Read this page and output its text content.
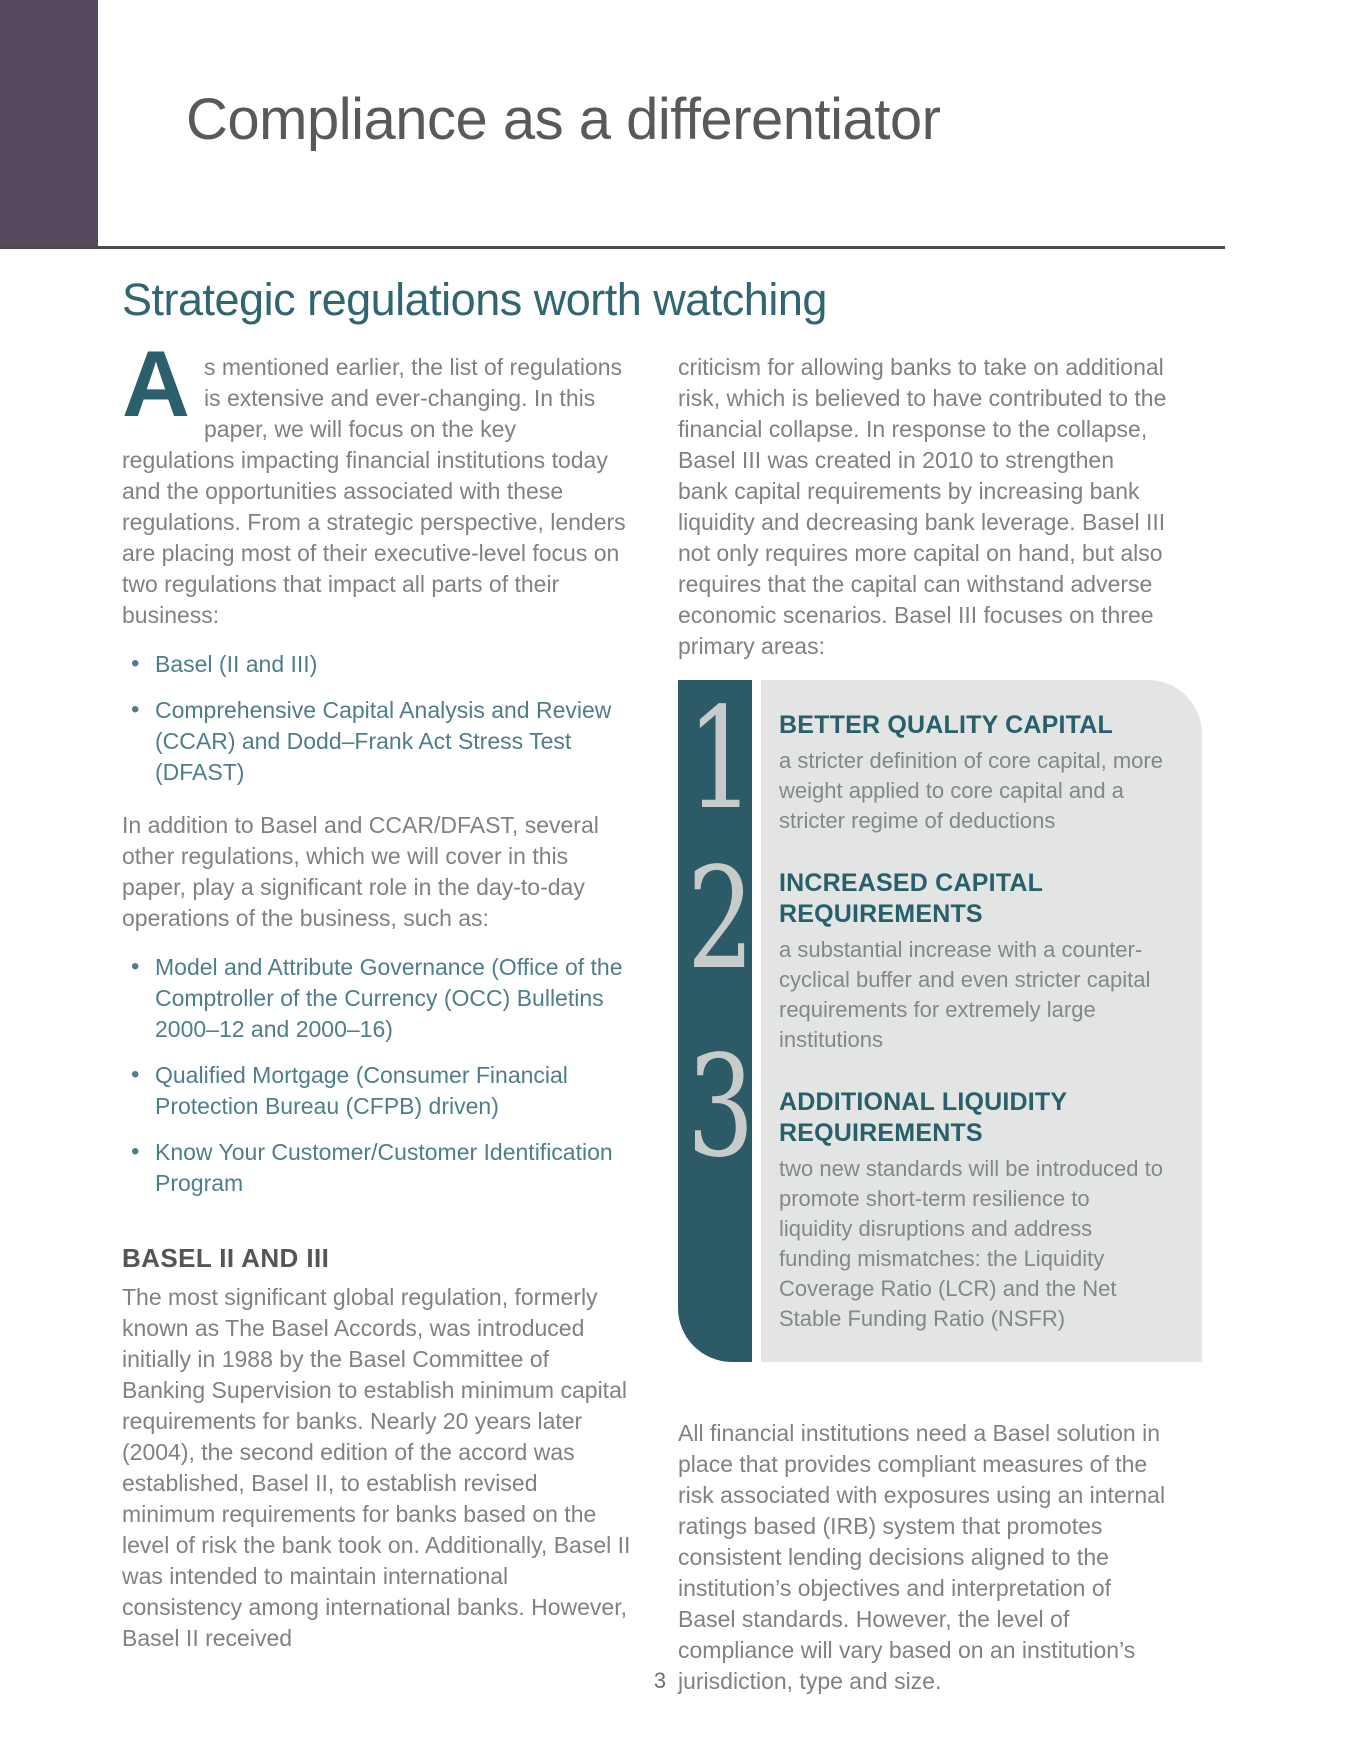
Compliance as a differentiator
Strategic regulations worth watching

A s mentioned earlier, the list of regulations is extensive and ever-changing. In this paper, we will focus on the key regulations impacting financial institutions today and the opportunities associated with these regulations. From a strategic perspective, lenders are placing most of their executive-level focus on two regulations that impact all parts of their business:

• Basel (II and III)
• Comprehensive Capital Analysis and Review (CCAR) and Dodd–Frank Act Stress Test (DFAST)

In addition to Basel and CCAR/DFAST, several other regulations, which we will cover in this paper, play a significant role in the day-to-day operations of the business, such as:

• Model and Attribute Governance (Office of the Comptroller of the Currency (OCC) Bulletins 2000–12 and 2000–16)
• Qualified Mortgage (Consumer Financial Protection Bureau (CFPB) driven)
• Know Your Customer/Customer Identification Program
BASEL II AND III

The most significant global regulation, formerly known as The Basel Accords, was introduced initially in 1988 by the Basel Committee of Banking Supervision to establish minimum capital requirements for banks. Nearly 20 years later (2004), the second edition of the accord was established, Basel II, to establish revised minimum requirements for banks based on the level of risk the bank took on. Additionally, Basel II was intended to maintain international consistency among international banks. However, Basel II received

criticism for allowing banks to take on additional risk, which is believed to have contributed to the financial collapse. In response to the collapse, Basel III was created in 2010 to strengthen bank capital requirements by increasing bank liquidity and decreasing bank leverage. Basel III not only requires more capital on hand, but also requires that the capital can withstand adverse economic scenarios. Basel III focuses on three primary areas:

1
2
3
BETTER QUALITY CAPITAL

a stricter definition of core capital, more weight applied to core capital and a stricter regime of deductions

INCREASED CAPITAL REQUIREMENTS

a substantial increase with a counter-cyclical buffer and even stricter capital requirements for extremely large institutions

ADDITIONAL LIQUIDITY REQUIREMENTS

two new standards will be introduced to promote short-term resilience to liquidity disruptions and address funding mismatches: the Liquidity Coverage Ratio (LCR) and the Net Stable Funding Ratio (NSFR)

All financial institutions need a Basel solution in place that provides compliant measures of the risk associated with exposures using an internal ratings based (IRB) system that promotes consistent lending decisions aligned to the institution’s objectives and interpretation of Basel standards. However, the level of compliance will vary based on an institution’s jurisdiction, type and size.

3
